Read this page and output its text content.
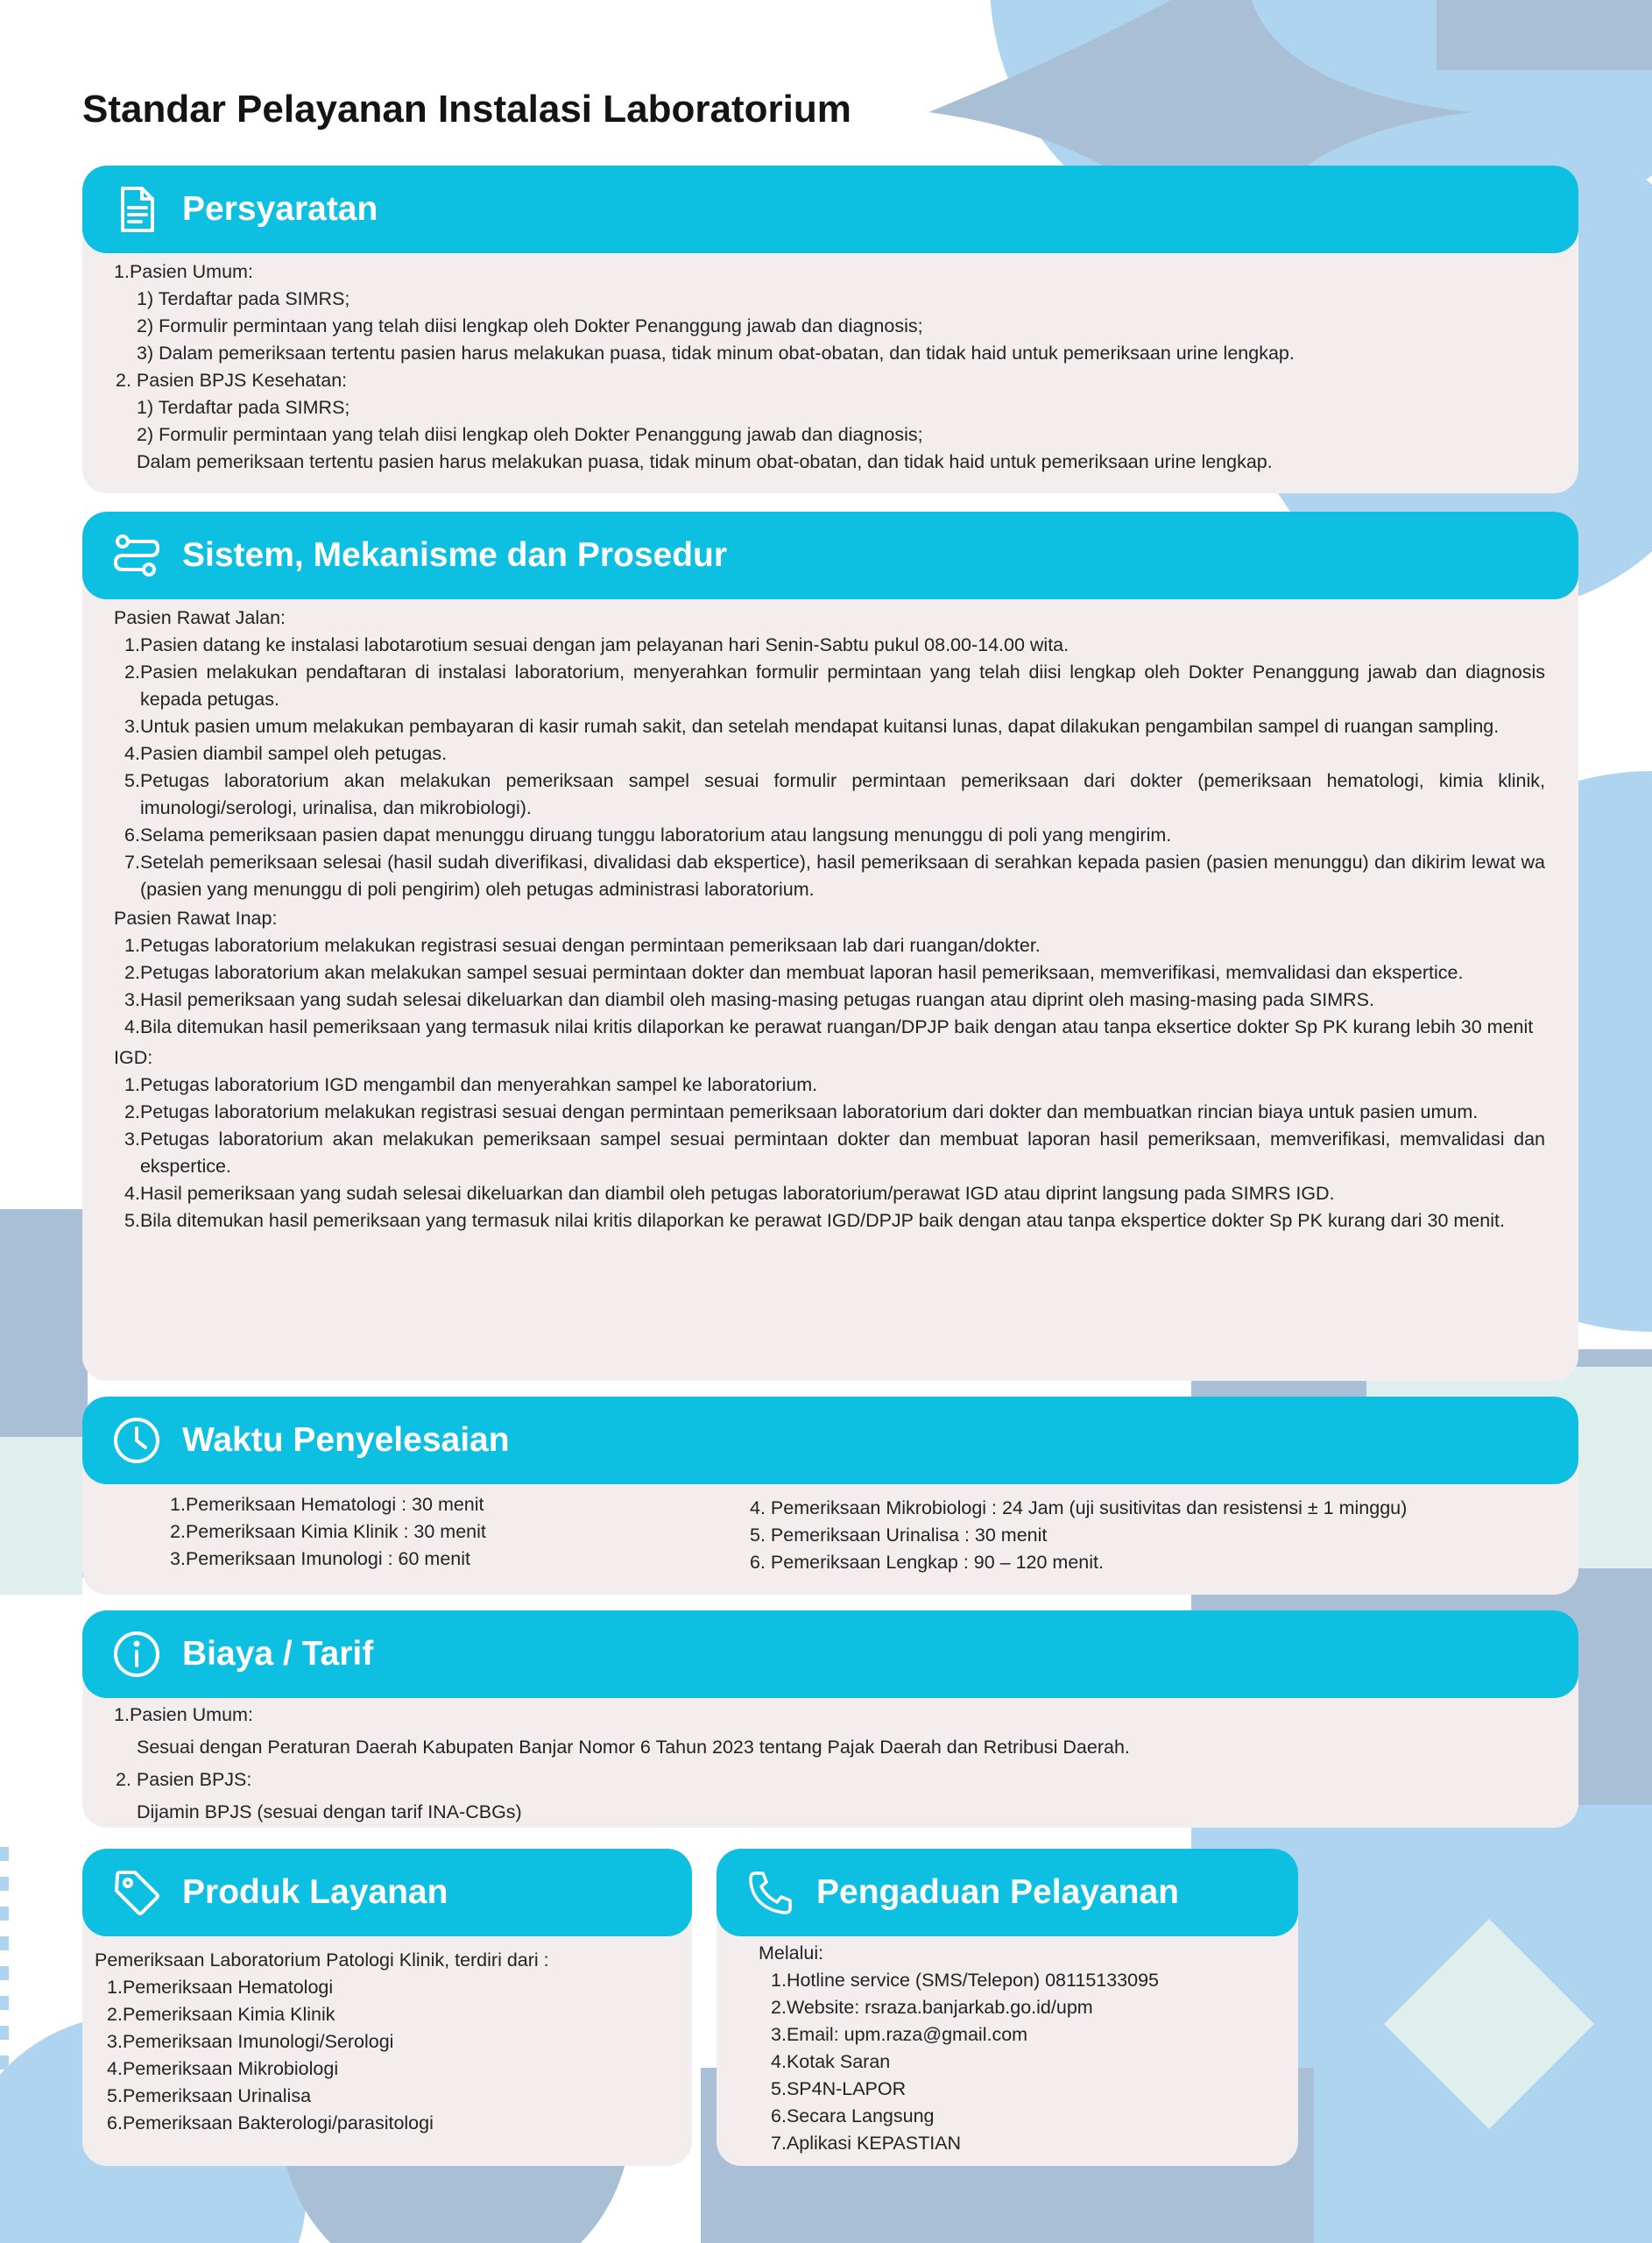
Standar Pelayanan Instalasi Laboratorium
Persyaratan
1. Pasien Umum:

1) Terdaftar pada SIMRS;

2) Formulir permintaan yang telah diisi lengkap oleh Dokter Penanggung jawab dan diagnosis;

3) Dalam pemeriksaan tertentu pasien harus melakukan puasa, tidak minum obat-obatan, dan tidak haid untuk pemeriksaan urine lengkap.

2. Pasien BPJS Kesehatan:

1) Terdaftar pada SIMRS;

2) Formulir permintaan yang telah diisi lengkap oleh Dokter Penanggung jawab dan diagnosis;

Dalam pemeriksaan tertentu pasien harus melakukan puasa, tidak minum obat-obatan, dan tidak haid untuk pemeriksaan urine lengkap.

Sistem, Mekanisme dan Prosedur

Pasien Rawat Jalan:

1. Pasien datang ke instalasi labotarotium sesuai dengan jam pelayanan hari Senin-Sabtu pukul 08.00-14.00 wita.
2. Pasien melakukan pendaftaran di instalasi laboratorium, menyerahkan formulir permintaan yang telah diisi lengkap oleh Dokter Penanggung jawab dan diagnosis kepada petugas.
3. Untuk pasien umum melakukan pembayaran di kasir rumah sakit, dan setelah mendapat kuitansi lunas, dapat dilakukan pengambilan sampel di ruangan sampling.
4. Pasien diambil sampel oleh petugas.
5. Petugas laboratorium akan melakukan pemeriksaan sampel sesuai formulir permintaan pemeriksaan dari dokter (pemeriksaan hematologi, kimia klinik, imunologi/serologi, urinalisa, dan mikrobiologi).
6. Selama pemeriksaan pasien dapat menunggu diruang tunggu laboratorium atau langsung menunggu di poli yang mengirim.
7. Setelah pemeriksaan selesai (hasil sudah diverifikasi, divalidasi dab ekspertice), hasil pemeriksaan di serahkan kepada pasien (pasien menunggu) dan dikirim lewat wa (pasien yang menunggu di poli pengirim) oleh petugas administrasi laboratorium.

Pasien Rawat Inap:

1. Petugas laboratorium melakukan registrasi sesuai dengan permintaan pemeriksaan lab dari ruangan/dokter.
2. Petugas laboratorium akan melakukan sampel sesuai permintaan dokter dan membuat laporan hasil pemeriksaan, memverifikasi, memvalidasi dan ekspertice.
3. Hasil pemeriksaan yang sudah selesai dikeluarkan dan diambil oleh masing-masing petugas ruangan atau diprint oleh masing-masing pada SIMRS.
4. Bila ditemukan hasil pemeriksaan yang termasuk nilai kritis dilaporkan ke perawat ruangan/DPJP baik dengan atau tanpa eksertice dokter Sp PK kurang lebih 30 menit

IGD:

1. Petugas laboratorium IGD mengambil dan menyerahkan sampel ke laboratorium.
2. Petugas laboratorium melakukan registrasi sesuai dengan permintaan pemeriksaan laboratorium dari dokter dan membuatkan rincian biaya untuk pasien umum.
3. Petugas laboratorium akan melakukan pemeriksaan sampel sesuai permintaan dokter dan membuat laporan hasil pemeriksaan, memverifikasi, memvalidasi dan ekspertice.
4. Hasil pemeriksaan yang sudah selesai dikeluarkan dan diambil oleh petugas laboratorium/perawat IGD atau diprint langsung pada SIMRS IGD.
5. Bila ditemukan hasil pemeriksaan yang termasuk nilai kritis dilaporkan ke perawat IGD/DPJP baik dengan atau tanpa ekspertice dokter Sp PK kurang dari 30 menit.
Waktu Penyelesaian
1. Pemeriksaan Hematologi : 30 menit
2. Pemeriksaan Kimia Klinik : 30 menit
3. Pemeriksaan Imunologi : 60 menit

4. Pemeriksaan Mikrobiologi : 24 Jam (uji susitivitas dan resistensi ± 1 minggu)

5. Pemeriksaan Urinalisa : 30 menit

6. Pemeriksaan Lengkap : 90 – 120 menit.

Biaya / Tarif
1. Pasien Umum:

Sesuai dengan Peraturan Daerah Kabupaten Banjar Nomor 6 Tahun 2023 tentang Pajak Daerah dan Retribusi Daerah.

2. Pasien BPJS:

Dijamin BPJS (sesuai dengan tarif INA-CBGs)

Produk Layanan

Pemeriksaan Laboratorium Patologi Klinik, terdiri dari :

1. Pemeriksaan Hematologi
2. Pemeriksaan Kimia Klinik
3. Pemeriksaan Imunologi/Serologi
4. Pemeriksaan Mikrobiologi
5. Pemeriksaan Urinalisa
6. Pemeriksaan Bakterologi/parasitologi
Pengaduan Pelayanan

Melalui:

1. Hotline service (SMS/Telepon) 08115133095
2. Website: rsraza.banjarkab.go.id/upm
3. Email: upm.raza@gmail.com
4. Kotak Saran
5. SP4N-LAPOR
6. Secara Langsung
7. Aplikasi KEPASTIAN
